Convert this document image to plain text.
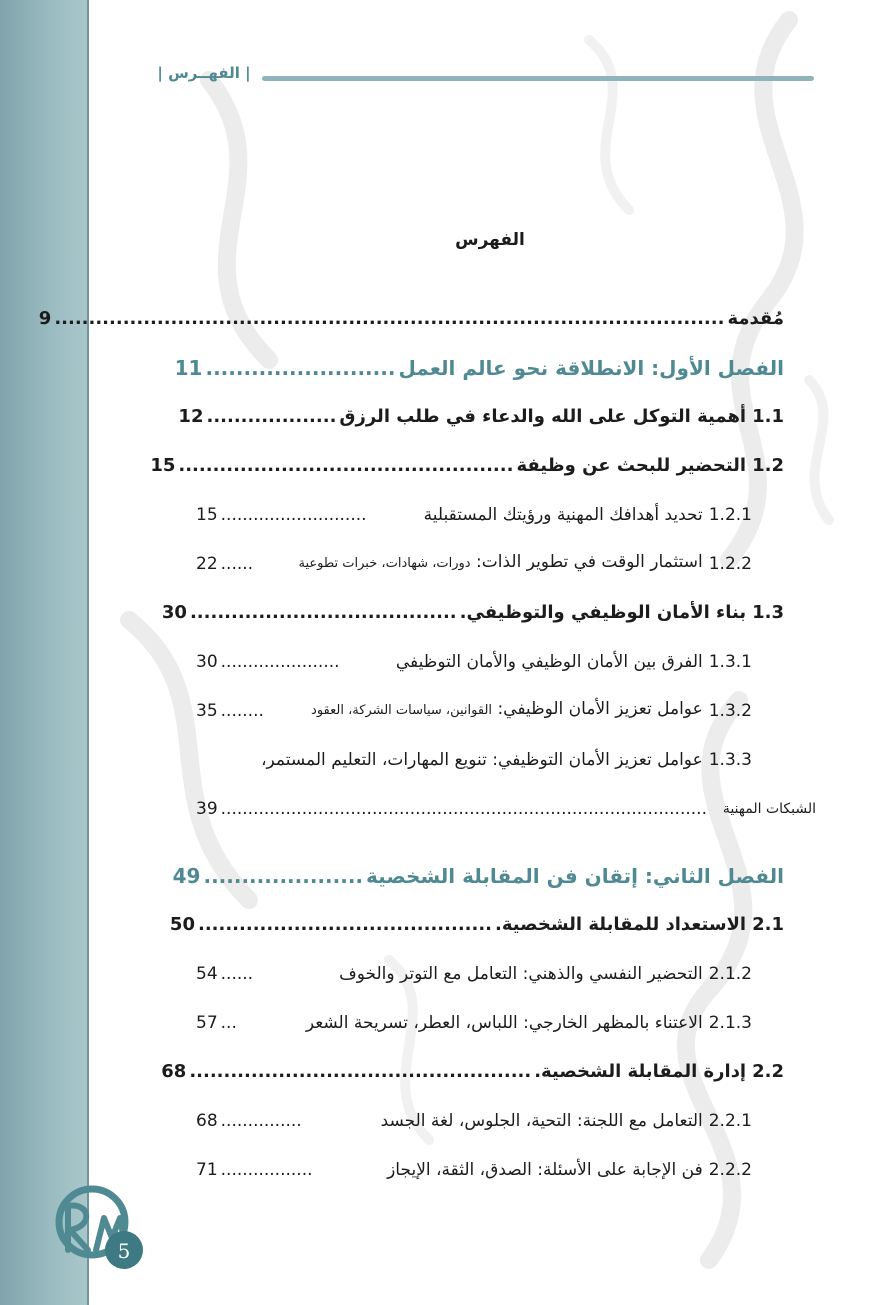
| الفهــرس |
الفهرس
مُقدمة
..................................................................................................
9
الفصل الأول: الانطلاقة نحو عالم العمل
.........................
11
1.1
أهمية التوكل على الله والدعاء في طلب الرزق
...................
12
1.2
التحضير للبحث عن وظيفة
.................................................
15
1.2.1
تحديد أهدافك المهنية ورؤيتك المستقبلية
...........................
15
1.2.2
استثمار الوقت في تطوير الذات: دورات، شهادات، خبرات تطوعية
......
22
1.3
بناء الأمان الوظيفي والتوظيفي.
.......................................
30
1.3.1
الفرق بين الأمان الوظيفي والأمان التوظيفي
......................
30
1.3.2
عوامل تعزيز الأمان الوظيفي: القوانين، سياسات الشركة، العقود
........
35
1.3.3
عوامل تعزيز الأمان التوظيفي: تنويع المهارات، التعليم المستمر،
الشبكات المهنية
..........................................................................................
39
الفصل الثاني: إتقان فن المقابلة الشخصية
.....................
49
2.1
الاستعداد للمقابلة الشخصية.
...........................................
50
2.1.2
التحضير النفسي والذهني: التعامل مع التوتر والخوف
......
54
2.1.3
الاعتناء بالمظهر الخارجي: اللباس، العطر، تسريحة الشعر
...
57
2.2
إدارة المقابلة الشخصية.
..................................................
68
2.2.1
التعامل مع اللجنة: التحية، الجلوس، لغة الجسد
...............
68
2.2.2
فن الإجابة على الأسئلة: الصدق، الثقة، الإيجاز
.................
71
5
